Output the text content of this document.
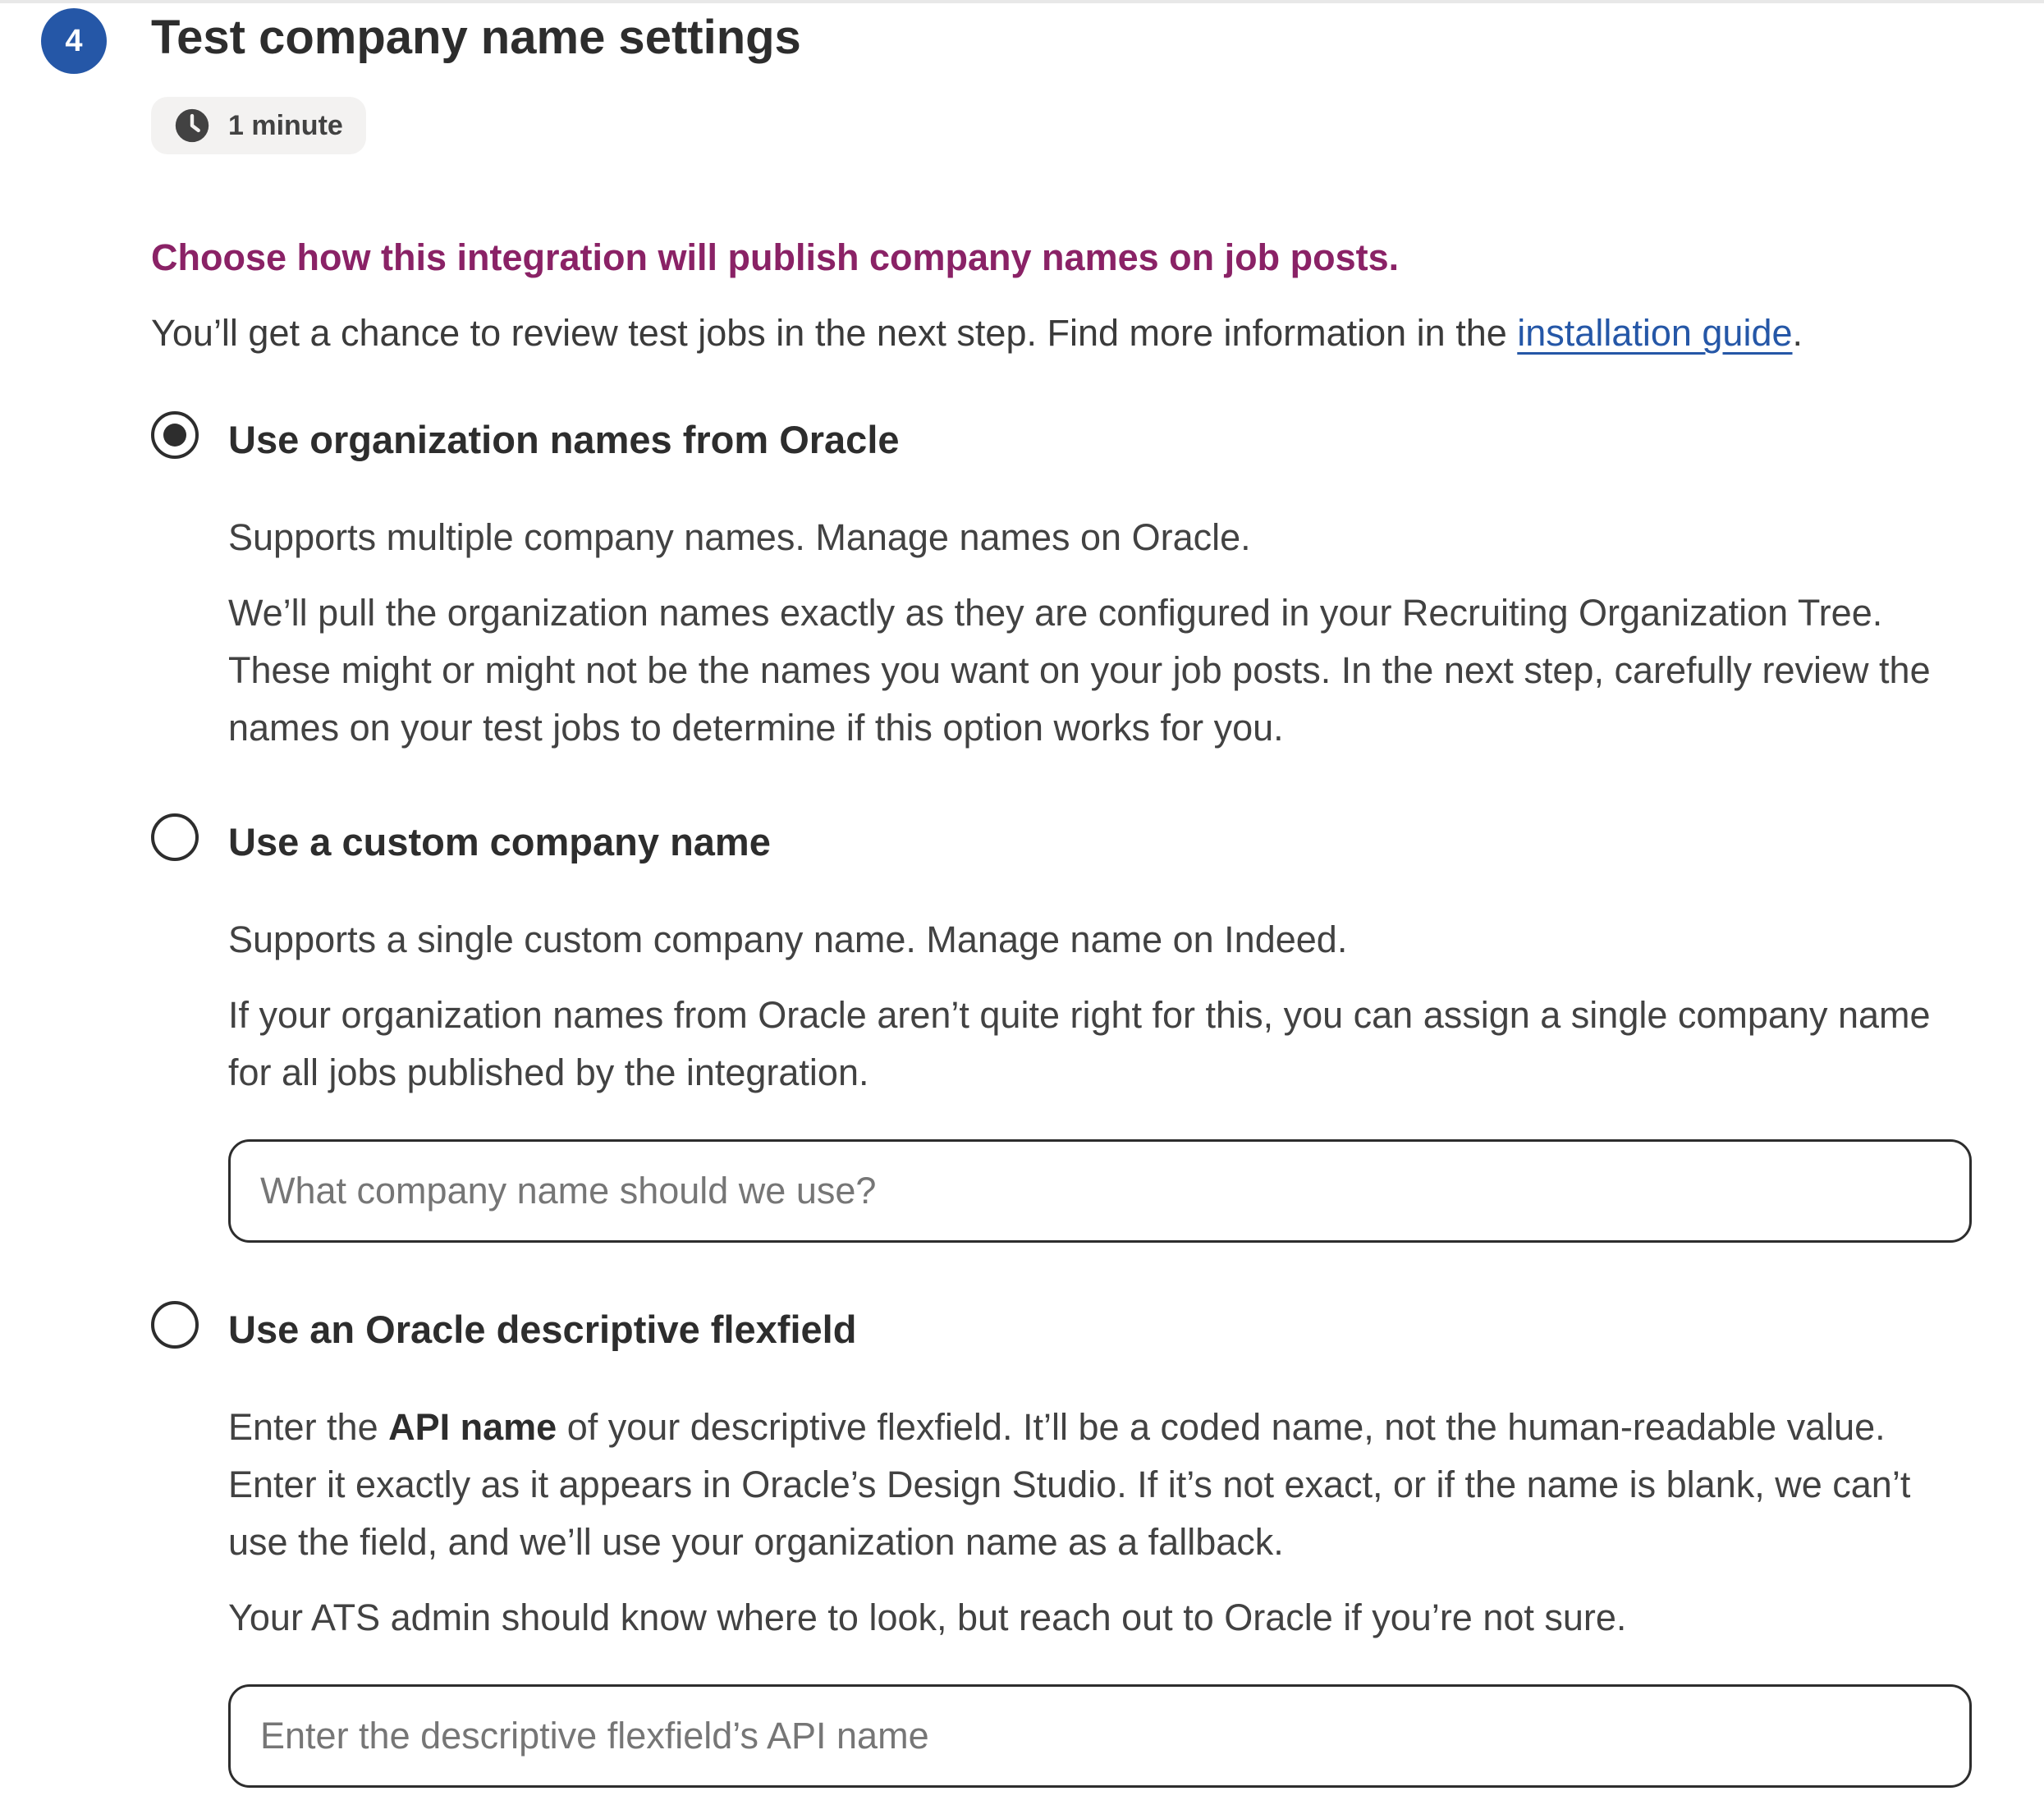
4	Test company name settings
1 minute
Choose how this integration will publish company names on job posts.
You’ll get a chance to review test jobs in the next step. Find more information in the installation guide.
Use organization names from Oracle

Supports multiple company names. Manage names on Oracle.

We’ll pull the organization names exactly as they are configured in your Recruiting Organization Tree. These might or might not be the names you want on your job posts. In the next step, carefully review the names on your test jobs to determine if this option works for you.

Use a custom company name

Supports a single custom company name. Manage name on Indeed.

If your organization names from Oracle aren’t quite right for this, you can assign a single company name for all jobs published by the integration.

What company name should we use?
Use an Oracle descriptive flexfield

Enter the API name of your descriptive flexfield. It’ll be a coded name, not the human-readable value. Enter it exactly as it appears in Oracle’s Design Studio. If it’s not exact, or if the name is blank, we can’t use the field, and we’ll use your organization name as a fallback.

Your ATS admin should know where to look, but reach out to Oracle if you’re not sure.

Enter the descriptive flexfield’s API name
